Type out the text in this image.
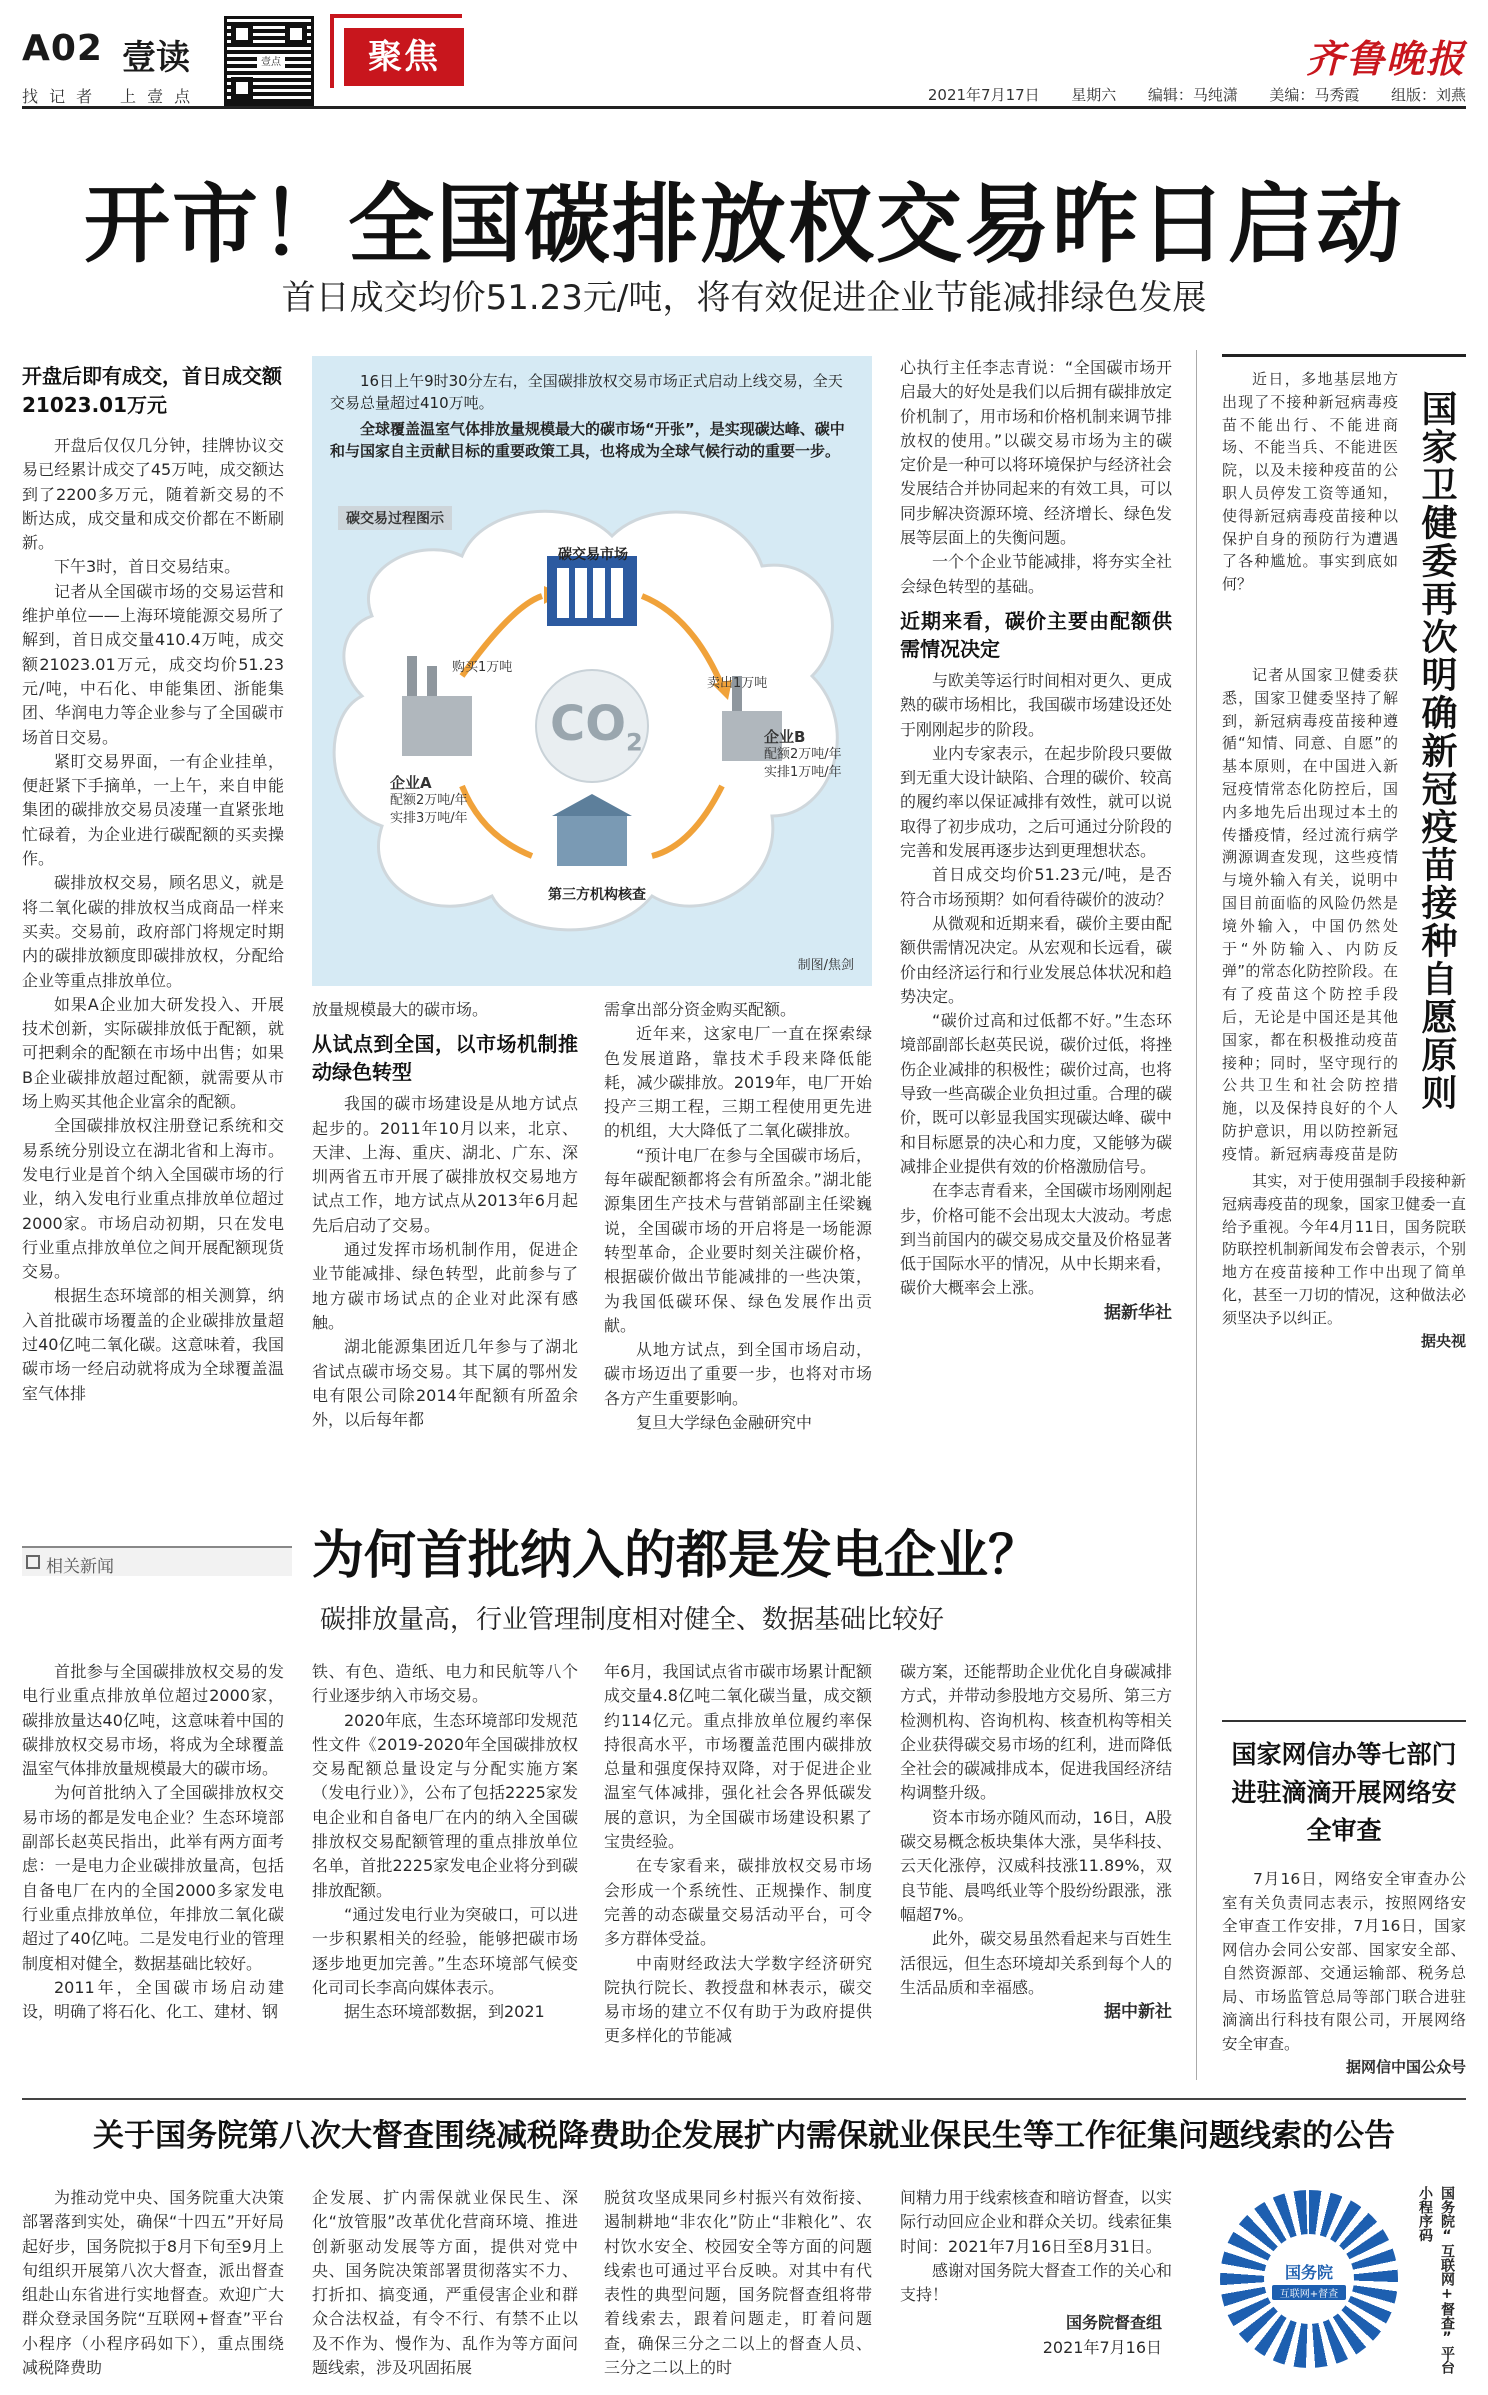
A02 壹读
找 记 者 上 壹 点
壹点	聚焦	齐鲁晚报
2021年7月17日 星期六 编辑：马纯潇 美编：马秀霞 组版：刘燕
开市！全国碳排放权交易昨日启动
首日成交均价51.23元/吨，将有效促进企业节能减排绿色发展
开盘后即有成交，首日成交额21023.01万元

开盘后仅仅几分钟，挂牌协议交易已经累计成交了45万吨，成交额达到了2200多万元，随着新交易的不断达成，成交量和成交价都在不断刷新。

下午3时，首日交易结束。

记者从全国碳市场的交易运营和维护单位——上海环境能源交易所了解到，首日成交量410.4万吨，成交额21023.01万元，成交均价51.23元/吨，中石化、申能集团、浙能集团、华润电力等企业参与了全国碳市场首日交易。

紧盯交易界面，一有企业挂单，便赶紧下手摘单，一上午，来自申能集团的碳排放交易员凌瑾一直紧张地忙碌着，为企业进行碳配额的买卖操作。

碳排放权交易，顾名思义，就是将二氧化碳的排放权当成商品一样来买卖。交易前，政府部门将规定时期内的碳排放额度即碳排放权，分配给企业等重点排放单位。

如果A企业加大研发投入、开展技术创新，实际碳排放低于配额，就可把剩余的配额在市场中出售；如果B企业碳排放超过配额，就需要从市场上购买其他企业富余的配额。

全国碳排放权注册登记系统和交易系统分别设立在湖北省和上海市。发电行业是首个纳入全国碳市场的行业，纳入发电行业重点排放单位超过2000家。市场启动初期，只在发电行业重点排放单位之间开展配额现货交易。

根据生态环境部的相关测算，纳入首批碳市场覆盖的企业碳排放量超过40亿吨二氧化碳。这意味着，我国碳市场一经启动就将成为全球覆盖温室气体排

16日上午9时30分左右，全国碳排放权交易市场正式启动上线交易，全天交易总量超过410万吨。

全球覆盖温室气体排放量规模最大的碳市场“开张”，是实现碳达峰、碳中和与国家自主贡献目标的重要政策工具，也将成为全球气候行动的重要一步。

碳交易过程图示
碳交易市场
$CO_2$
购买1万吨
卖出1万吨
企业A
配额2万吨/年
实排3万吨/年
企业B
配额2万吨/年
实排1万吨/年
第三方机构核查
制图/焦剑

放量规模最大的碳市场。

从试点到全国，以市场机制推动绿色转型

我国的碳市场建设是从地方试点起步的。2011年10月以来，北京、天津、上海、重庆、湖北、广东、深圳两省五市开展了碳排放权交易地方试点工作，地方试点从2013年6月起先后启动了交易。

通过发挥市场机制作用，促进企业节能减排、绿色转型，此前参与了地方碳市场试点的企业对此深有感触。

湖北能源集团近几年参与了湖北省试点碳市场交易。其下属的鄂州发电有限公司除2014年配额有所盈余外，以后每年都

需拿出部分资金购买配额。

近年来，这家电厂一直在探索绿色发展道路，靠技术手段来降低能耗，减少碳排放。2019年，电厂开始投产三期工程，三期工程使用更先进的机组，大大降低了二氧化碳排放。

“预计电厂在参与全国碳市场后，每年碳配额都将会有所盈余。”湖北能源集团生产技术与营销部副主任梁巍说，全国碳市场的开启将是一场能源转型革命，企业要时刻关注碳价格，根据碳价做出节能减排的一些决策，为我国低碳环保、绿色发展作出贡献。

从地方试点，到全国市场启动，碳市场迈出了重要一步，也将对市场各方产生重要影响。

复旦大学绿色金融研究中

心执行主任李志青说：“全国碳市场开启最大的好处是我们以后拥有碳排放定价机制了，用市场和价格机制来调节排放权的使用。”以碳交易市场为主的碳定价是一种可以将环境保护与经济社会发展结合并协同起来的有效工具，可以同步解决资源环境、经济增长、绿色发展等层面上的失衡问题。

一个个企业节能减排，将夯实全社会绿色转型的基础。

近期来看，碳价主要由配额供需情况决定

与欧美等运行时间相对更久、更成熟的碳市场相比，我国碳市场建设还处于刚刚起步的阶段。

业内专家表示，在起步阶段只要做到无重大设计缺陷、合理的碳价、较高的履约率以保证减排有效性，就可以说取得了初步成功，之后可通过分阶段的完善和发展再逐步达到更理想状态。

首日成交均价51.23元/吨，是否符合市场预期？如何看待碳价的波动？

从微观和近期来看，碳价主要由配额供需情况决定。从宏观和长远看，碳价由经济运行和行业发展总体状况和趋势决定。

“碳价过高和过低都不好。”生态环境部副部长赵英民说，碳价过低，将挫伤企业减排的积极性；碳价过高，也将导致一些高碳企业负担过重。合理的碳价，既可以彰显我国实现碳达峰、碳中和目标愿景的决心和力度，又能够为碳减排企业提供有效的价格激励信号。

在李志青看来，全国碳市场刚刚起步，价格可能不会出现太大波动。考虑到当前国内的碳交易成交量及价格显著低于国际水平的情况，从中长期来看，碳价大概率会上涨。

据新华社
国家卫健委再次明确新冠疫苗接种自愿原则

近日，多地基层地方出现了不接种新冠病毒疫苗不能出行、不能进商场、不能当兵、不能进医院，以及未接种疫苗的公职人员停发工资等通知，使得新冠病毒疫苗接种以保护自身的预防行为遭遇了各种尴尬。事实到底如何？

记者从国家卫健委获悉，国家卫健委坚持了解到，新冠病毒疫苗接种遵循“知情、同意、自愿”的基本原则，在中国进入新冠疫情常态化防控后，国内多地先后出现过本土的传播疫情，经过流行病学溯源调查发现，这些疫情与境外输入有关，说明中国目前面临的风险仍然是境外输入，中国仍然处于“外防输入、内防反弹”的常态化防控阶段。在有了疫苗这个防控手段后，无论是中国还是其他国家，都在积极推动疫苗接种；同时，坚守现行的公共卫生和社会防控措施，以及保持良好的个人防护意识，用以防控新冠疫情。新冠病毒疫苗是防

其实，对于使用强制手段接种新冠病毒疫苗的现象，国家卫健委一直给予重视。今年4月11日，国务院联防联控机制新闻发布会曾表示，个别地方在疫苗接种工作中出现了简单化，甚至一刀切的情况，这种做法必须坚决予以纠正。

据央视
相关新闻	为何首批纳入的都是发电企业？
碳排放量高，行业管理制度相对健全、数据基础比较好

首批参与全国碳排放权交易的发电行业重点排放单位超过2000家，碳排放量达40亿吨，这意味着中国的碳排放权交易市场，将成为全球覆盖温室气体排放量规模最大的碳市场。

为何首批纳入了全国碳排放权交易市场的都是发电企业？生态环境部副部长赵英民指出，此举有两方面考虑：一是电力企业碳排放量高，包括自备电厂在内的全国2000多家发电行业重点排放单位，年排放二氧化碳超过了40亿吨。二是发电行业的管理制度相对健全，数据基础比较好。

2011年，全国碳市场启动建设，明确了将石化、化工、建材、钢

铁、有色、造纸、电力和民航等八个行业逐步纳入市场交易。

2020年底，生态环境部印发规范性文件《2019-2020年全国碳排放权交易配额总量设定与分配实施方案（发电行业）》，公布了包括2225家发电企业和自备电厂在内的纳入全国碳排放权交易配额管理的重点排放单位名单，首批2225家发电企业将分到碳排放配额。

“通过发电行业为突破口，可以进一步积累相关的经验，能够把碳市场逐步地更加完善。”生态环境部气候变化司司长李高向媒体表示。

据生态环境部数据，到2021

年6月，我国试点省市碳市场累计配额成交量4.8亿吨二氧化碳当量，成交额约114亿元。重点排放单位履约率保持很高水平，市场覆盖范围内碳排放总量和强度保持双降，对于促进企业温室气体减排，强化社会各界低碳发展的意识，为全国碳市场建设积累了宝贵经验。

在专家看来，碳排放权交易市场会形成一个系统性、正规操作、制度完善的动态碳量交易活动平台，可令多方群体受益。

中南财经政法大学数字经济研究院执行院长、教授盘和林表示，碳交易市场的建立不仅有助于为政府提供更多样化的节能减

碳方案，还能帮助企业优化自身碳减排方式，并带动参股地方交易所、第三方检测机构、咨询机构、核查机构等相关企业获得碳交易市场的红利，进而降低全社会的碳减排成本，促进我国经济结构调整升级。

资本市场亦随风而动，16日，A股碳交易概念板块集体大涨，昊华科技、云天化涨停，汉威科技涨11.89%，双良节能、晨鸣纸业等个股纷纷跟涨，涨幅超7%。

此外，碳交易虽然看起来与百姓生活很远，但生态环境却关系到每个人的生活品质和幸福感。

据中新社
国家网信办等七部门进驻滴滴开展网络安全审查

7月16日，网络安全审查办公室有关负责同志表示，按照网络安全审查工作安排，7月16日，国家网信办会同公安部、国家安全部、自然资源部、交通运输部、税务总局、市场监管总局等部门联合进驻滴滴出行科技有限公司，开展网络安全审查。

据网信中国公众号
关于国务院第八次大督查围绕减税降费助企发展扩内需保就业保民生等工作征集问题线索的公告

为推动党中央、国务院重大决策部署落到实处，确保“十四五”开好局起好步，国务院拟于8月下旬至9月上旬组织开展第八次大督查，派出督查组赴山东省进行实地督查。欢迎广大群众登录国务院“互联网+督查”平台小程序（小程序码如下），重点围绕减税降费助

企发展、扩内需保就业保民生、深化“放管服”改革优化营商环境、推进创新驱动发展等方面，提供对党中央、国务院决策部署贯彻落实不力、打折扣、搞变通，严重侵害企业和群众合法权益，有令不行、有禁不止以及不作为、慢作为、乱作为等方面问题线索，涉及巩固拓展

脱贫攻坚成果同乡村振兴有效衔接、遏制耕地“非农化”防止“非粮化”、农村饮水安全、校园安全等方面的问题线索也可通过平台反映。对其中有代表性的典型问题，国务院督查组将带着线索去，跟着问题走，盯着问题查，确保三分之二以上的督查人员、三分之二以上的时

间精力用于线索核查和暗访督查，以实际行动回应企业和群众关切。线索征集时间：2021年7月16日至8月31日。

感谢对国务院大督查工作的关心和支持！

国务院督查组
2021年7月16日
国务院
互联网+督查	国务院“互联网+督查”平台小程序码
